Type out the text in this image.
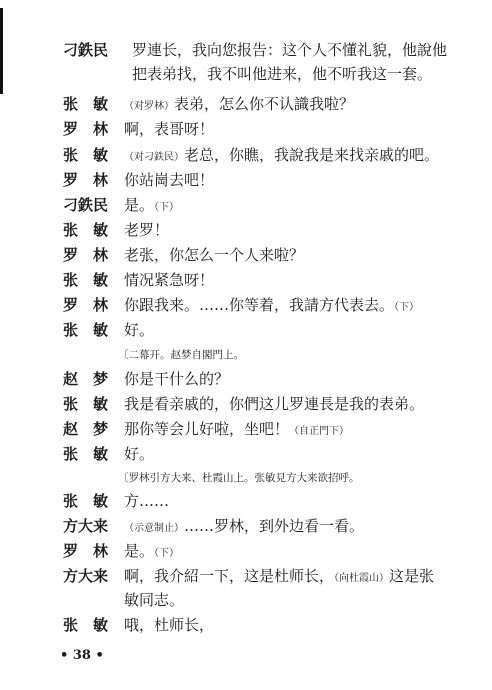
刁鉄民 罗連长，我向您报告：这个人不懂礼貌，他說他
把表弟找，我不叫他进来，他不听我这一套。
张　敏 （对罗林）表弟，怎么你不认識我啦？
罗　林 啊，表哥呀！
张　敏 （对刁鉄民）老总，你瞧，我說我是来找亲戚的吧。
罗　林 你站崗去吧！
刁鉄民 是。（下）
张　敏 老罗！
罗　林 老张，你怎么一个人来啦？
张　敏 情况紧急呀！
罗　林 你跟我来。……你等着，我請方代表去。（下）
张　敏 好。
〔二幕开。赵梦自閣門上。
赵　梦 你是干什么的？
张　敏 我是看亲戚的，你們这儿罗連長是我的表弟。
赵　梦 那你等会儿好啦，坐吧！（自正門下）
张　敏 好。
〔罗林引方大来、杜霞山上。张敏見方大来欲招呼。
张　敏 方……
方大来 （示意制止）……罗林，到外边看一看。
罗　林 是。（下）
方大来 啊，我介紹一下，这是杜师长，（向杜霞山）这是张
敏同志。
张　敏 哦，杜师长，
• 38 •
